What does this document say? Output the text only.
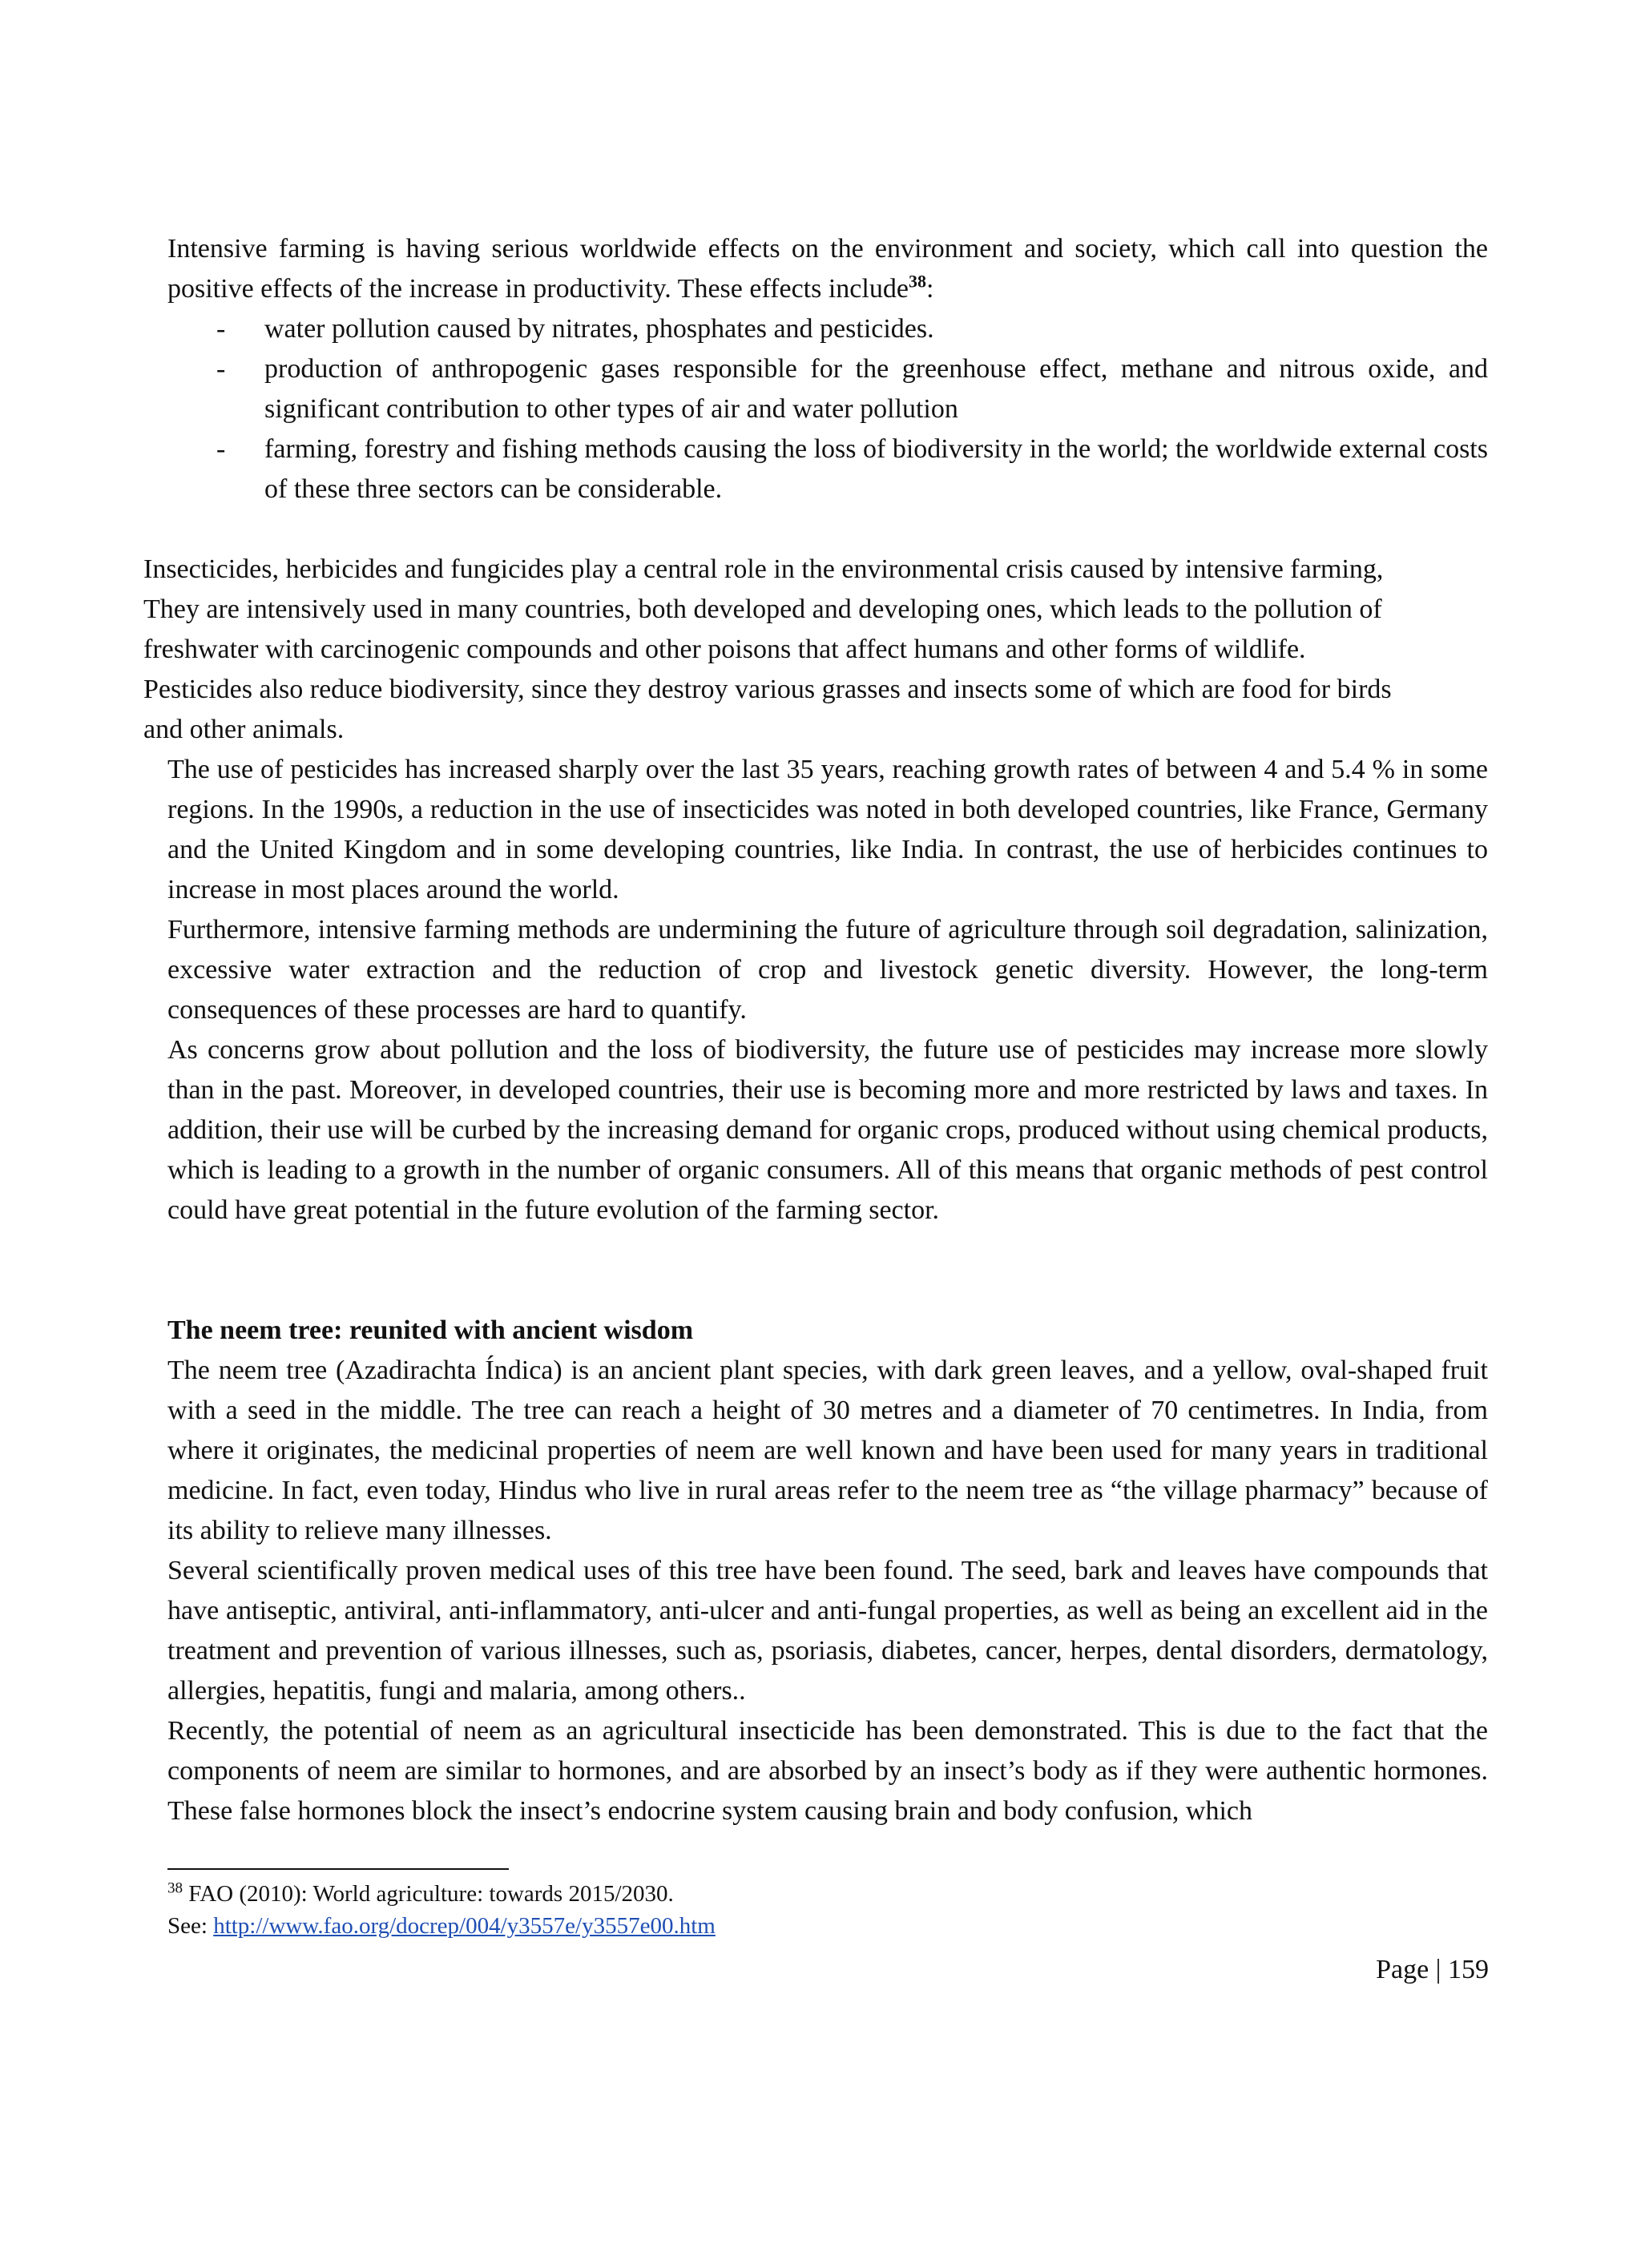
Intensive farming is having serious worldwide effects on the environment and society, which call into question the positive effects of the increase in productivity. These effects include$^{38}$:

- water pollution caused by nitrates, phosphates and pesticides.
- production of anthropogenic gases responsible for the greenhouse effect, methane and nitrous oxide, and significant contribution to other types of air and water pollution
- farming, forestry and fishing methods causing the loss of biodiversity in the world; the worldwide external costs of these three sectors can be considerable.

Insecticides, herbicides and fungicides play a central role in the environmental crisis caused by intensive farming,

They are intensively used in many countries, both developed and developing ones, which leads to the pollution of

freshwater with carcinogenic compounds and other poisons that affect humans and other forms of wildlife.

Pesticides also reduce biodiversity, since they destroy various grasses and insects some of which are food for birds

and other animals.

The use of pesticides has increased sharply over the last 35 years, reaching growth rates of between 4 and 5.4 % in some regions. In the 1990s, a reduction in the use of insecticides was noted in both developed countries, like France, Germany and the United Kingdom and in some developing countries, like India. In contrast, the use of herbicides continues to increase in most places around the world.

Furthermore, intensive farming methods are undermining the future of agriculture through soil degradation, salinization, excessive water extraction and the reduction of crop and livestock genetic diversity. However, the long-term consequences of these processes are hard to quantify.

As concerns grow about pollution and the loss of biodiversity, the future use of pesticides may increase more slowly than in the past. Moreover, in developed countries, their use is becoming more and more restricted by laws and taxes. In addition, their use will be curbed by the increasing demand for organic crops, produced without using chemical products, which is leading to a growth in the number of organic consumers. All of this means that organic methods of pest control could have great potential in the future evolution of the farming sector.

The neem tree: reunited with ancient wisdom

The neem tree (Azadirachta Índica) is an ancient plant species, with dark green leaves, and a yellow, oval-shaped fruit with a seed in the middle. The tree can reach a height of 30 metres and a diameter of 70 centimetres. In India, from where it originates, the medicinal properties of neem are well known and have been used for many years in traditional medicine. In fact, even today, Hindus who live in rural areas refer to the neem tree as “the village pharmacy” because of its ability to relieve many illnesses.

Several scientifically proven medical uses of this tree have been found. The seed, bark and leaves have compounds that have antiseptic, antiviral, anti-inflammatory, anti-ulcer and anti-fungal properties, as well as being an excellent aid in the treatment and prevention of various illnesses, such as, psoriasis, diabetes, cancer, herpes, dental disorders, dermatology, allergies, hepatitis, fungi and malaria, among others..

Recently, the potential of neem as an agricultural insecticide has been demonstrated. This is due to the fact that the components of neem are similar to hormones, and are absorbed by an insect’s body as if they were authentic hormones. These false hormones block the insect’s endocrine system causing brain and body confusion, which

$^{38}$ FAO (2010): World agriculture: towards 2015/2030.
See: http://www.fao.org/docrep/004/y3557e/y3557e00.htm
Page | 159
